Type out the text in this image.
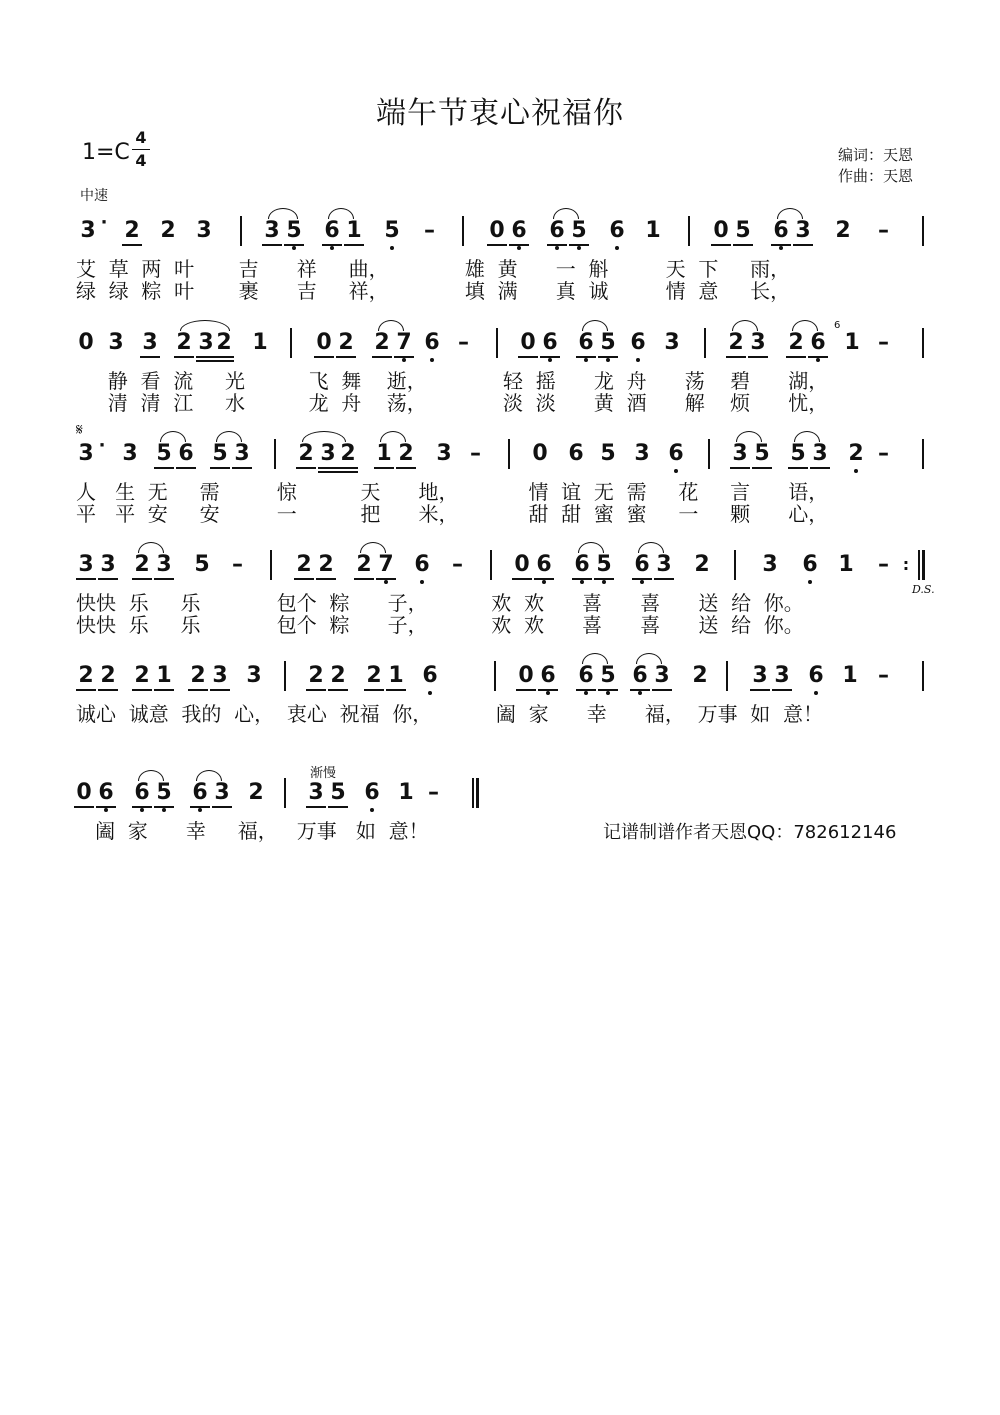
端午节衷心祝福你
1=C
4
4	编词：天恩
作曲：天恩
中速
3 · 2 2 3 3 5 6 1 5	0 6 6 5 6 1 0 5 6 3 2
–	–
艾  草  两  叶       吉      祥     曲，            雄  黄      一  斛         天  下     雨，
绿  绿  粽  叶       裹      吉     祥，            填  满      真  诚         情  意     长，
0 3 3 2 3 2 1 0 2 2 7 6	0 6 6 5 6 3 2 3 2 6 1
–	–
静  看  流     光          飞  舞    逝，            轻  摇      龙  舟      荡    碧      湖，
清  清  江     水          龙  舟    荡，            淡  淡      黄  酒      解    烦      忧，
3 · 3 5 6 5 3 2 3 2 1 2 3	0 6 5 3 6 3 5 5 3 2
–	–
人   生  无     需         惊          天      地，           情  谊  无  需     花     言      语，
平   平  安     安         一          把      米，           甜  甜  蜜  蜜     一     颗      心，
3 3 2 3 5	2 2 2 7 6	0 6 6 5 6 3 2 3 6 1
–	–	–
快快  乐     乐            包个  粽      子，          欢  欢      喜      喜      送  给  你。
快快  乐     乐            包个  粽      子，          欢  欢      喜      喜      送  给  你。
2 2 2 1 2 3 3 2 2 2 1 6	0 6 6 5 6 3 2 3 3 6 1 –
诚心  诚意  我的  心，  衷心  祝福  你，          阖  家      幸      福，  万事  如  意！
0 6 6 5 6 3 2 3 5 6 1 –
阖  家      幸     福，   万事   如  意！
:
渐慢
D.S.
𝄋
6
记谱制谱作者天恩QQ：782612146
